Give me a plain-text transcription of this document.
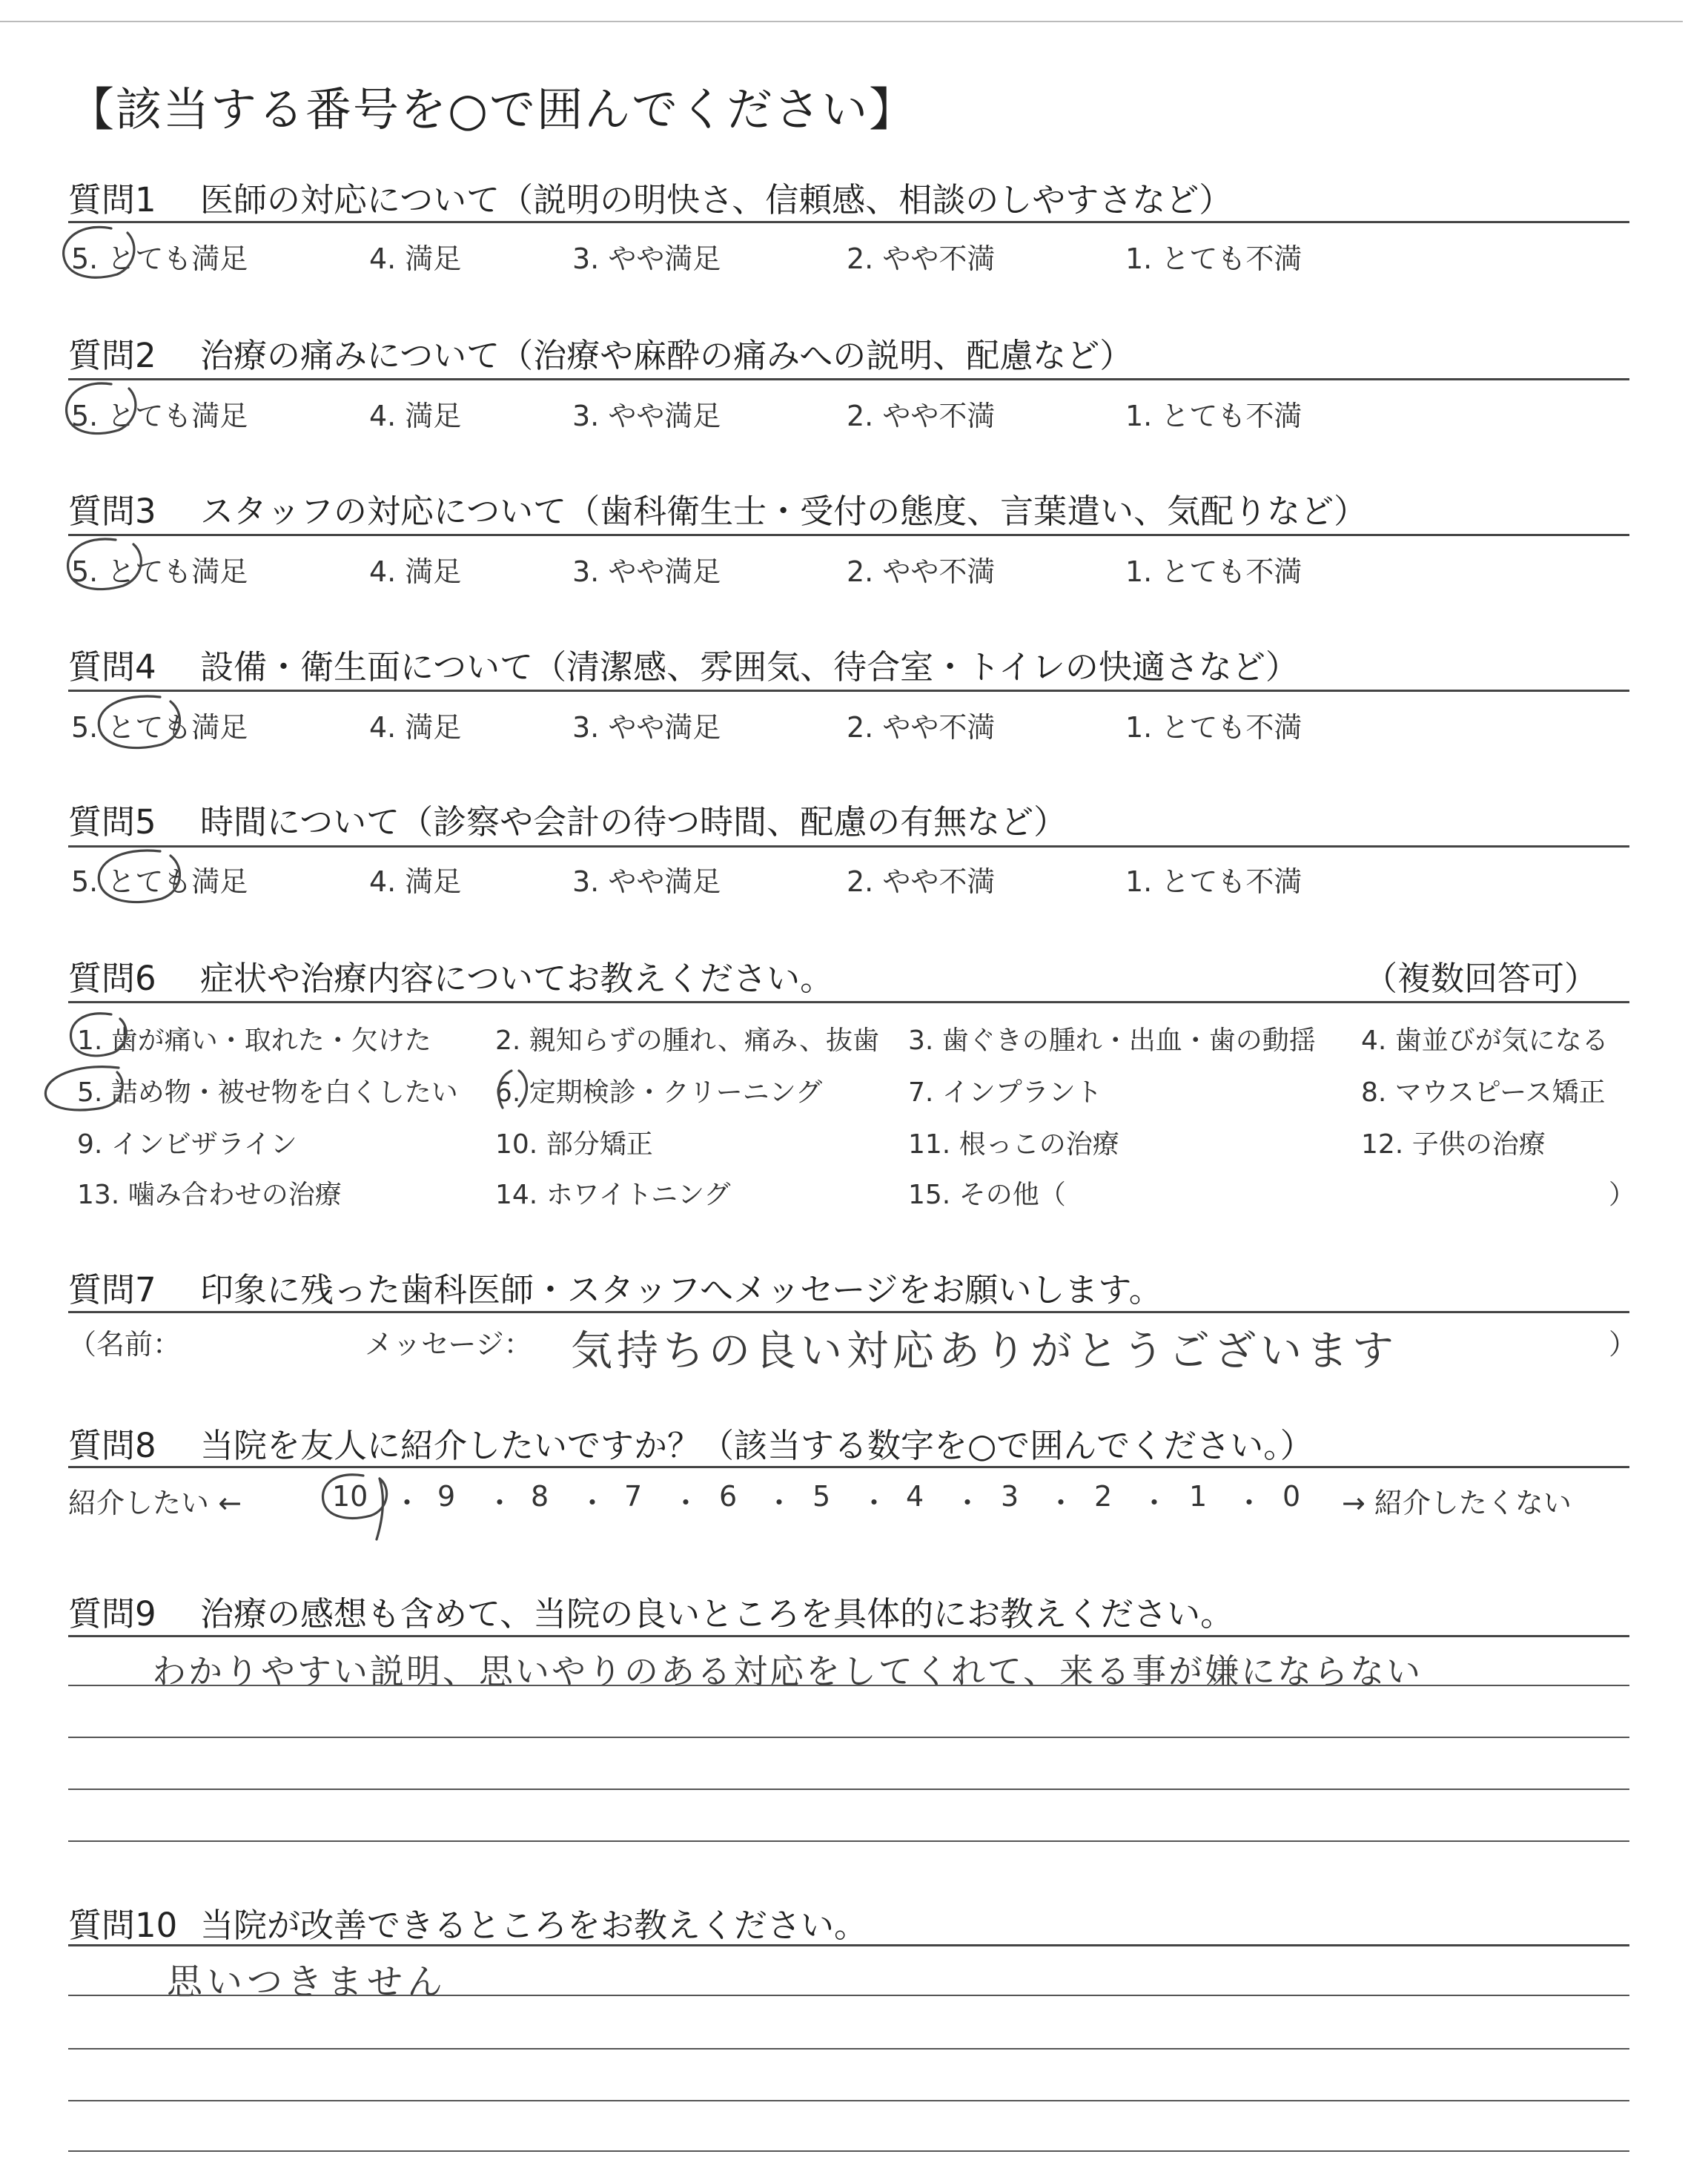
【該当する番号を○で囲んでください】
質問1 医師の対応について（説明の明快さ、信頼感、相談のしやすさなど）
5. とても満足	4. 満足	3. やや満足	2. やや不満	1. とても不満
質問2 治療の痛みについて（治療や麻酔の痛みへの説明、配慮など）
5. とても満足	4. 満足	3. やや満足	2. やや不満	1. とても不満
質問3 スタッフの対応について（歯科衛生士・受付の態度、言葉遣い、気配りなど）
5. とても満足	4. 満足	3. やや満足	2. やや不満	1. とても不満
質問4 設備・衛生面について（清潔感、雰囲気、待合室・トイレの快適さなど）
5. とても満足	4. 満足	3. やや満足	2. やや不満	1. とても不満
質問5 時間について（診察や会計の待つ時間、配慮の有無など）
5. とても満足	4. 満足	3. やや満足	2. やや不満	1. とても不満
質問6 症状や治療内容についてお教えください。	（複数回答可）
1. 歯が痛い・取れた・欠けた 2. 親知らずの腫れ、痛み、抜歯 3. 歯ぐきの腫れ・出血・歯の動揺 4. 歯並びが気になる
5. 詰め物・被せ物を白くしたい 6. 定期検診・クリーニング	7. インプラント	8. マウスピース矯正
9. インビザライン	10. 部分矯正	11. 根っこの治療	12. 子供の治療
13. 噛み合わせの治療	14. ホワイトニング	15. その他（	）
質問7 印象に残った歯科医師・スタッフへメッセージをお願いします。
（名前：	メッセージ： 気持ちの良い対応ありがとうございます	）
質問8 当院を友人に紹介したいですか？（該当する数字を○で囲んでください。）
紹介したい ←	10 ・ 9 ・ 8 ・ 7 ・ 6 ・ 5 ・ 4 ・ 3 ・ 2 ・ 1 ・ 0 → 紹介したくない
質問9 治療の感想も含めて、当院の良いところを具体的にお教えください。
わかりやすい説明、思いやりのある対応をしてくれて、来る事が嫌にならない
質問10 当院が改善できるところをお教えください。
思いつきません
